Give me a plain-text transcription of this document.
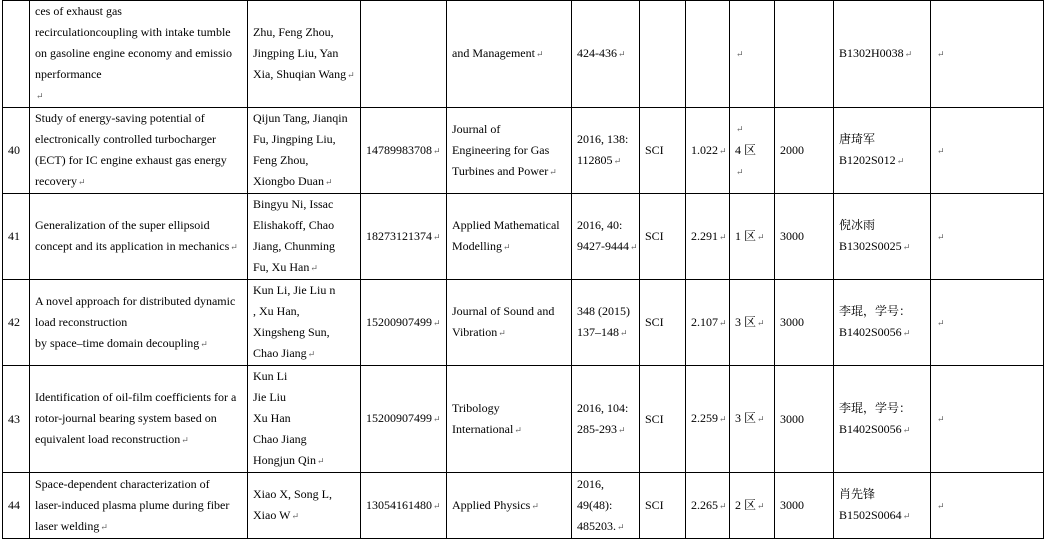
	ces of exhaust gas
recirculationcoupling with intake tumble
on gasoline engine economy and emissio
nperformance
↵	Zhu, Feng Zhou,
Jingping Liu, Yan
Xia, Shuqian Wang↵		and Management↵	424-436↵			↵		B1302H0038↵	↵
40	Study of energy-saving potential of
electronically controlled turbocharger
(ECT) for IC engine exhaust gas energy
recovery↵	Qijun Tang, Jianqin
Fu, Jingping Liu,
Feng Zhou,
Xiongbo Duan↵	14789983708↵	Journal of
Engineering for Gas
Turbines and Power↵	2016, 138:
112805↵	SCI	1.022↵	↵
4 区
↵	2000	唐琦军
B1202S012↵	↵
41	Generalization of the super ellipsoid
concept and its application in mechanics↵	Bingyu Ni, Issac
Elishakoff, Chao
Jiang, Chunming
Fu, Xu Han↵	18273121374↵	Applied Mathematical
Modelling↵	2016, 40:
9427-9444↵	SCI	2.291↵	1 区↵	3000	倪冰雨
B1302S0025↵	↵
42	A novel approach for distributed dynamic
load reconstruction
by space–time domain decoupling↵	Kun Li, Jie Liu n
, Xu Han,
Xingsheng Sun,
Chao Jiang↵	15200907499↵	Journal of Sound and
Vibration↵	348 (2015)
137–148↵	SCI	2.107↵	3 区↵	3000	李琨，学号：
B1402S0056↵	↵
43	Identification of oil-film coefficients for a
rotor-journal bearing system based on
equivalent load reconstruction↵	Kun Li
Jie Liu
Xu Han
Chao Jiang
Hongjun Qin↵	15200907499↵	Tribology
International↵	2016, 104:
285-293↵	SCI	2.259↵	3 区↵	3000	李琨，学号：
B1402S0056↵	↵
44	Space-dependent characterization of
laser-induced plasma plume during fiber
laser welding↵	Xiao X, Song L,
Xiao W↵	13054161480↵	Applied Physics↵	2016,
49(48):
485203.↵	SCI	2.265↵	2 区↵	3000	肖先锋
B1502S0064↵	↵
